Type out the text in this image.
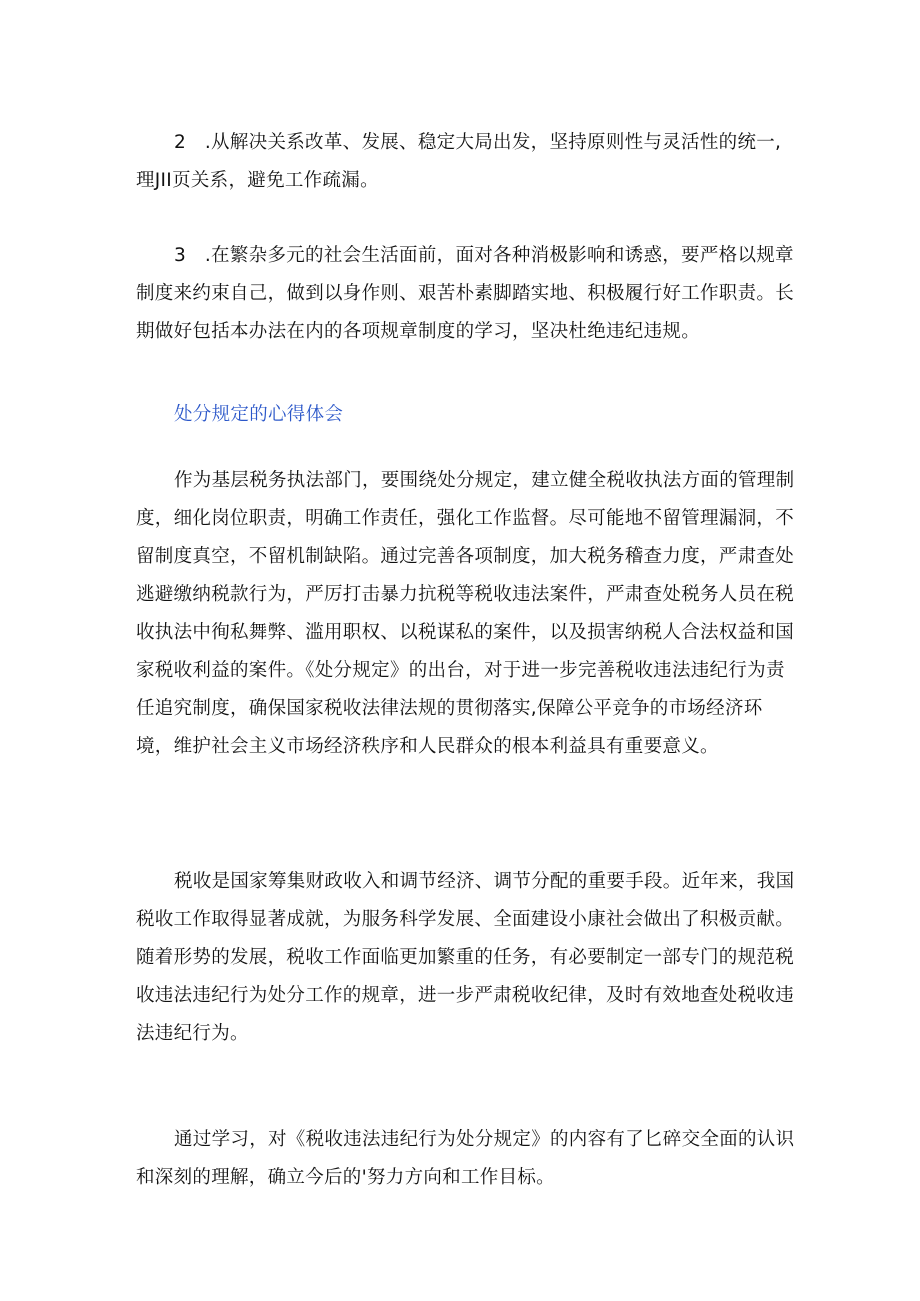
2　.从解决关系改革、发展、稳定大局出发，坚持原则性与灵活性的统一,理JII页关系，避免工作疏漏。

3　.在繁杂多元的社会生活面前，面对各种消极影响和诱惑，要严格以规章制度来约束自己，做到以身作则、艰苦朴素脚踏实地、积极履行好工作职责。长期做好包括本办法在内的各项规章制度的学习，坚决杜绝违纪违规。

处分规定的心得体会

作为基层税务执法部门，要围绕处分规定，建立健全税收执法方面的管理制度，细化岗位职责，明确工作责任，强化工作监督。尽可能地不留管理漏洞，不留制度真空，不留机制缺陷。通过完善各项制度，加大税务稽查力度，严肃查处逃避缴纳税款行为，严厉打击暴力抗税等税收违法案件，严肃查处税务人员在税收执法中徇私舞弊、滥用职权、以税谋私的案件，以及损害纳税人合法权益和国家税收利益的案件。《处分规定》的出台，对于进一步完善税收违法违纪行为责任追究制度，确保国家税收法律法规的贯彻落实,保障公平竞争的市场经济环境，维护社会主义市场经济秩序和人民群众的根本利益具有重要意义。

税收是国家筹集财政收入和调节经济、调节分配的重要手段。近年来，我国税收工作取得显著成就，为服务科学发展、全面建设小康社会做出了积极贡献。随着形势的发展，税收工作面临更加繁重的任务，有必要制定一部专门的规范税收违法违纪行为处分工作的规章，进一步严肃税收纪律，及时有效地查处税收违法违纪行为。

通过学习，对《税收违法违纪行为处分规定》的内容有了匕碎交全面的认识和深刻的理解，确立今后的'努力方向和工作目标。
